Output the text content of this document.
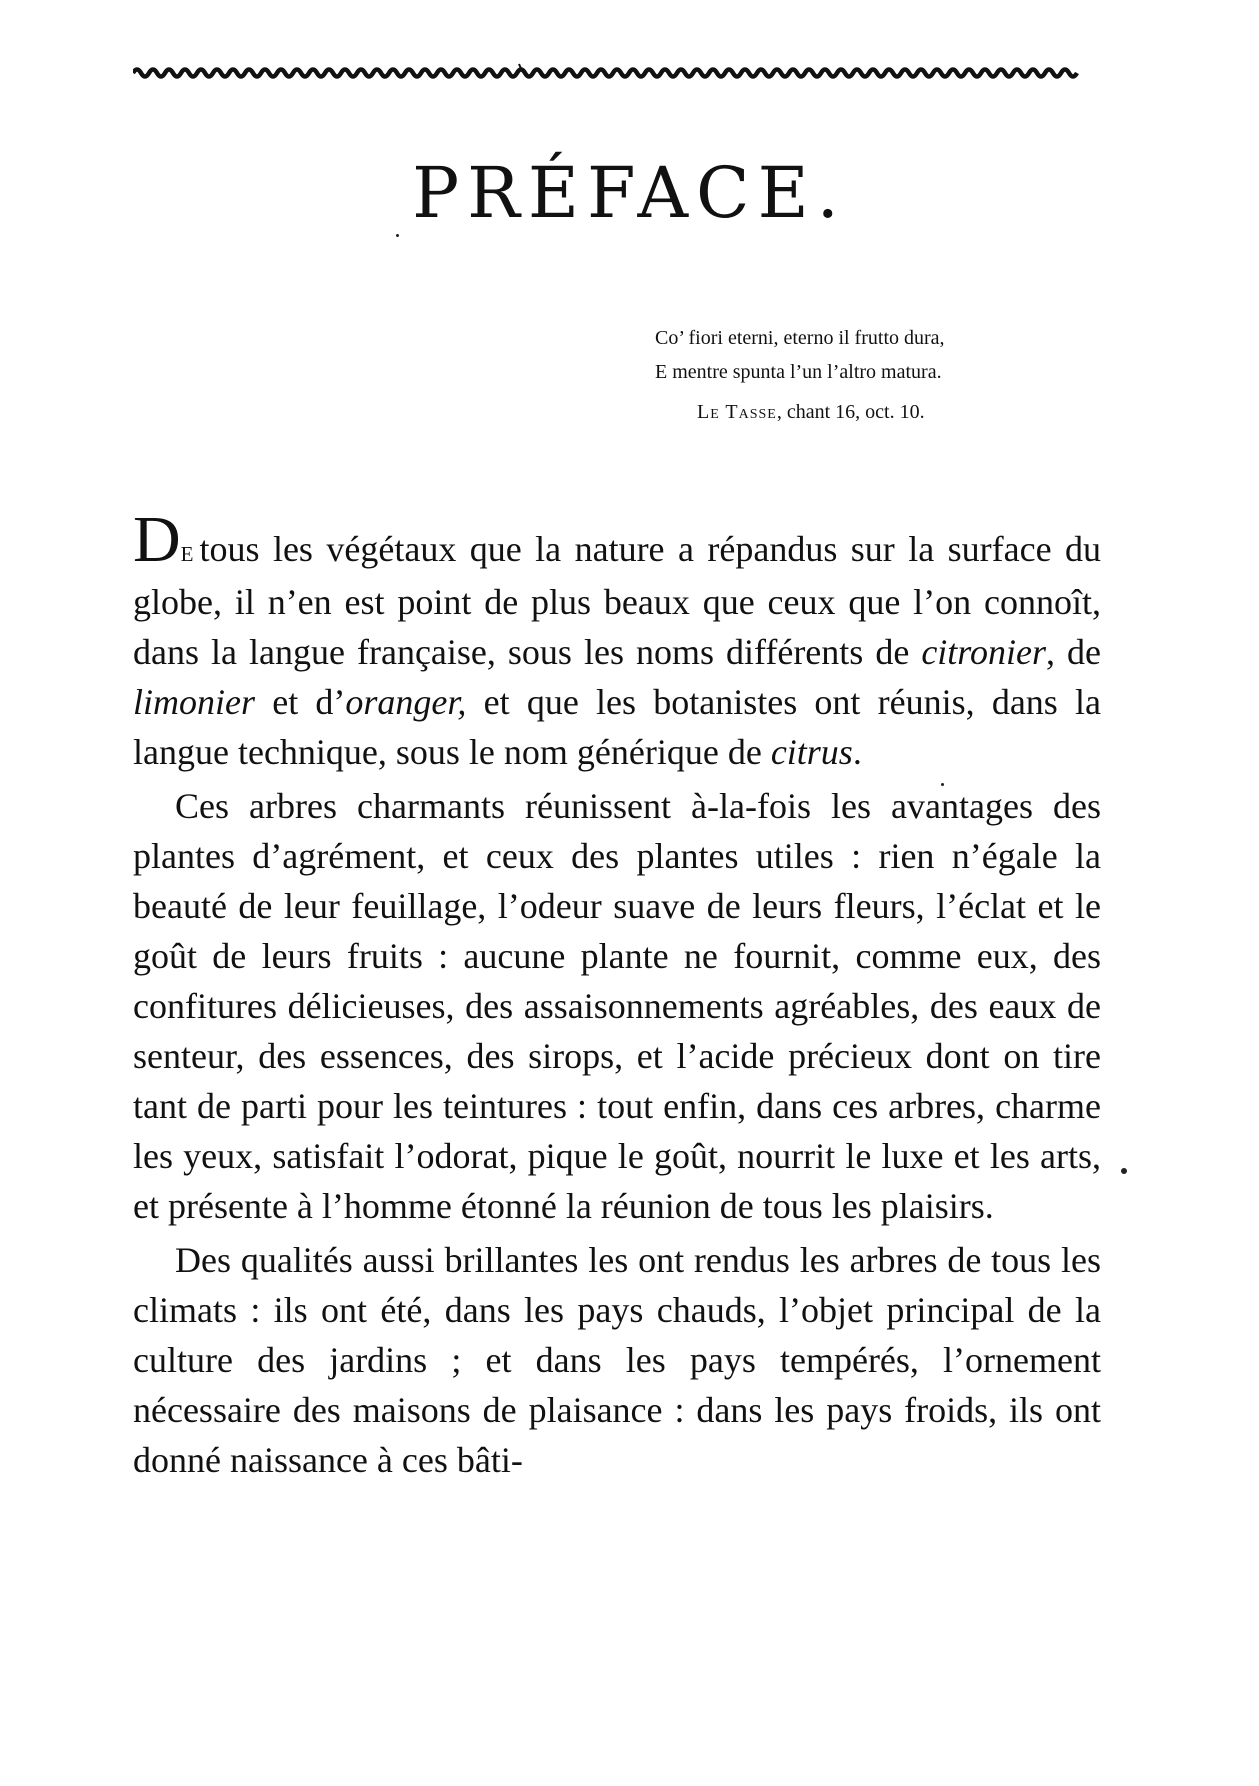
PRÉFACE.
Co’ fiori eterni, eterno il frutto dura,
E mentre spunta l’un l’altro matura.
Le Tasse, chant 16, oct. 10.

De tous les végétaux que la nature a répandus sur la surface du globe, il n’en est point de plus beaux que ceux que l’on connoît, dans la langue française, sous les noms différents de citronier, de limonier et d’oranger, et que les botanistes ont réunis, dans la langue technique, sous le nom générique de citrus.

Ces arbres charmants réunissent à-la-fois les avantages des plantes d’agrément, et ceux des plantes utiles : rien n’égale la beauté de leur feuillage, l’odeur suave de leurs fleurs, l’éclat et le goût de leurs fruits : aucune plante ne fournit, comme eux, des confitures délicieuses, des assaisonnements agréables, des eaux de senteur, des essences, des sirops, et l’acide précieux dont on tire tant de parti pour les teintures : tout enfin, dans ces arbres, charme les yeux, satisfait l’odorat, pique le goût, nourrit le luxe et les arts, et présente à l’homme étonné la réunion de tous les plaisirs.

Des qualités aussi brillantes les ont rendus les arbres de tous les climats : ils ont été, dans les pays chauds, l’objet principal de la culture des jardins ; et dans les pays tempérés, l’ornement nécessaire des maisons de plaisance : dans les pays froids, ils ont donné naissance à ces bâti-
